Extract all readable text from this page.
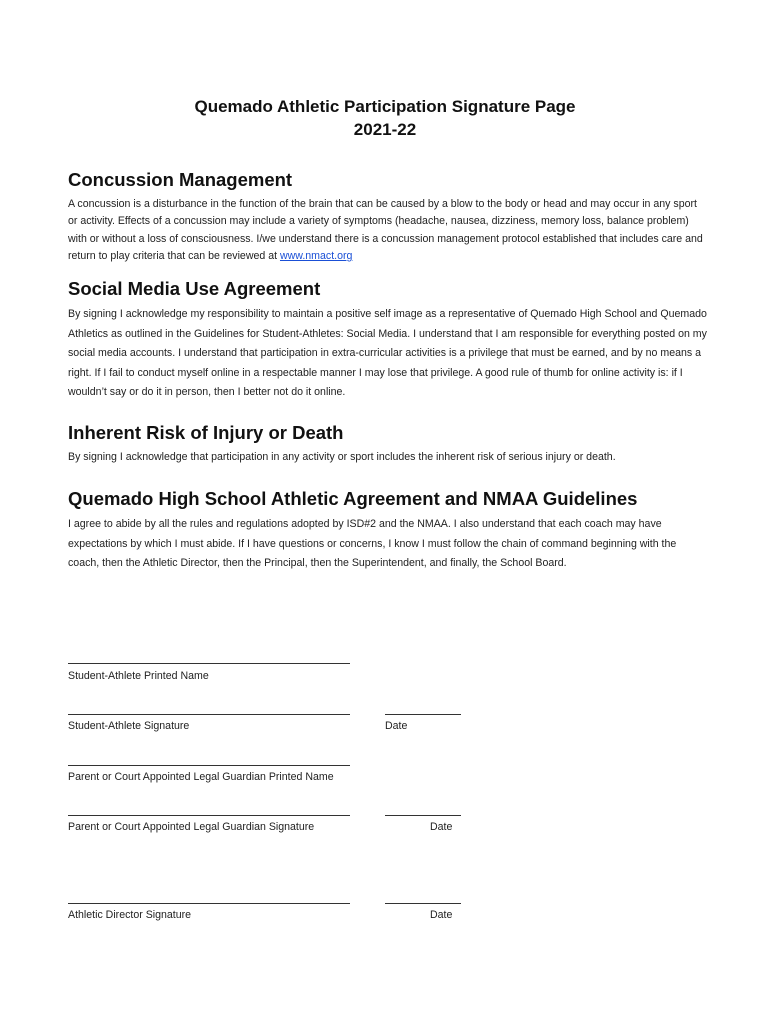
Quemado Athletic Participation Signature Page
2021-22
Concussion Management

A concussion is a disturbance in the function of the brain that can be caused by a blow to the body or head and may occur in any sport or activity. Effects of a concussion may include a variety of symptoms (headache, nausea, dizziness, memory loss, balance problem) with or without a loss of consciousness. I/we understand there is a concussion management protocol established that includes care and return to play criteria that can be reviewed at www.nmact.org

Social Media Use Agreement

By signing I acknowledge my responsibility to maintain a positive self image as a representative of Quemado High School and Quemado Athletics as outlined in the Guidelines for Student-Athletes: Social Media. I understand that I am responsible for everything posted on my social media accounts. I understand that participation in extra-curricular activities is a privilege that must be earned, and by no means a right. If I fail to conduct myself online in a respectable manner I may lose that privilege. A good rule of thumb for online activity is: if I wouldn’t say or do it in person, then I better not do it online.

Inherent Risk of Injury or Death

By signing I acknowledge that participation in any activity or sport includes the inherent risk of serious injury or death.

Quemado High School Athletic Agreement and NMAA Guidelines

I agree to abide by all the rules and regulations adopted by ISD#2 and the NMAA. I also understand that each coach may have expectations by which I must abide. If I have questions or concerns, I know I must follow the chain of command beginning with the coach, then the Athletic Director, then the Principal, then the Superintendent, and finally, the School Board.

Student-Athlete Printed Name
Student-Athlete Signature	Date
Parent or Court Appointed Legal Guardian Printed Name
Parent or Court Appointed Legal Guardian Signature	Date
Athletic Director Signature	Date
